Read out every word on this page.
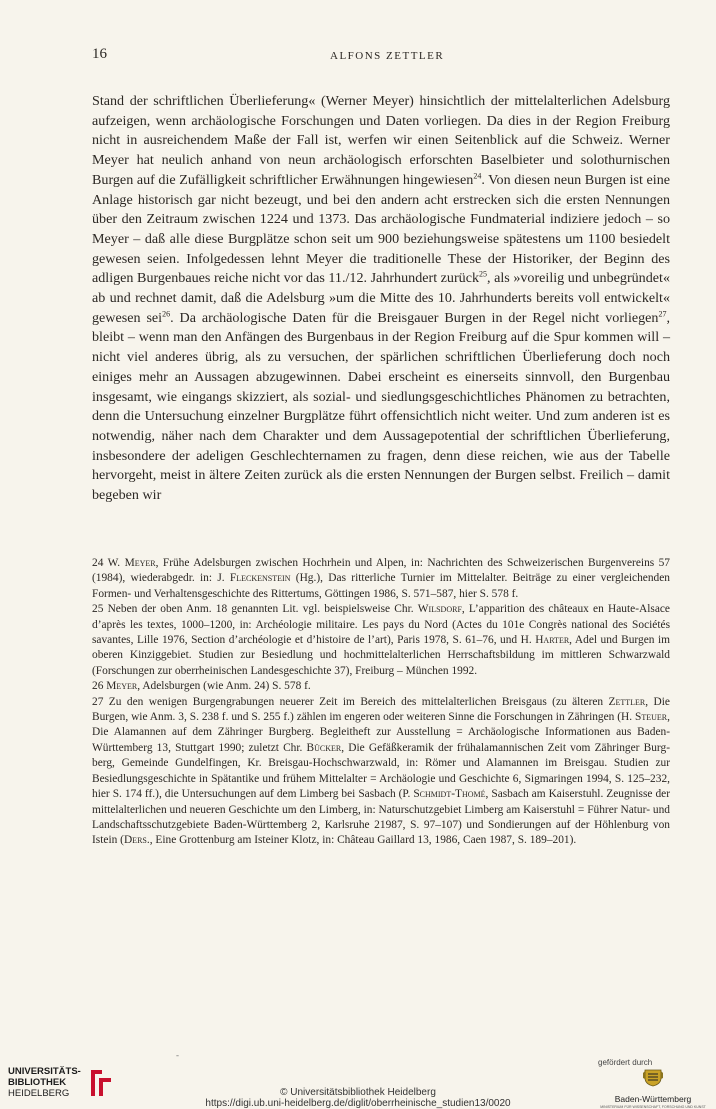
16	ALFONS ZETTLER

Stand der schriftlichen Überlieferung« (Werner Meyer) hinsichtlich der mittelalterlichen Adelsburg aufzeigen, wenn archäologische Forschungen und Daten vorliegen. Da dies in der Region Freiburg nicht in ausreichendem Maße der Fall ist, werfen wir einen Seitenblick auf die Schweiz. Werner Meyer hat neulich anhand von neun archäologisch erforschten Baselbieter und solothurnischen Burgen auf die Zufälligkeit schriftlicher Erwähnungen hingewiesen$^{24}$. Von diesen neun Burgen ist eine Anlage historisch gar nicht bezeugt, und bei den andern acht erstrecken sich die ersten Nennungen über den Zeitraum zwischen 1224 und 1373. Das archäologische Fundmaterial indiziere jedoch – so Meyer – daß alle diese Burgplätze schon seit um 900 beziehungsweise spätestens um 1100 besiedelt gewesen seien. Infolgedessen lehnt Meyer die traditionelle These der Historiker, der Beginn des adligen Burgenbaues reiche nicht vor das 11./12. Jahrhundert zurück$^{25}$, als »voreilig und unbegründet« ab und rechnet damit, daß die Adelsburg »um die Mitte des 10. Jahrhunderts bereits voll entwickelt« gewesen sei$^{26}$. Da archäologische Daten für die Breisgauer Burgen in der Regel nicht vorliegen$^{27}$, bleibt – wenn man den Anfängen des Burgenbaus in der Region Freiburg auf die Spur kommen will – nicht viel anderes übrig, als zu versuchen, der spärlichen schriftlichen Überlieferung doch noch einiges mehr an Aussagen abzugewinnen. Dabei erscheint es einerseits sinnvoll, den Burgenbau insgesamt, wie eingangs skizziert, als sozial- und siedlungsgeschichtliches Phänomen zu betrachten, denn die Untersuchung einzelner Burgplätze führt offensichtlich nicht weiter. Und zum anderen ist es notwendig, näher nach dem Charakter und dem Aussagepotential der schriftlichen Überlieferung, insbesondere der adeligen Geschlechternamen zu fragen, denn diese reichen, wie aus der Tabelle hervorgeht, meist in ältere Zeiten zurück als die ersten Nennungen der Burgen selbst. Freilich – damit begeben wir

24 W. Meyer, Frühe Adelsburgen zwischen Hochrhein und Alpen, in: Nachrichten des Schweizerischen Burgenvereins 57 (1984), wiederabgedr. in: J. Fleckenstein (Hg.), Das ritterliche Turnier im Mittelalter. Beiträge zu einer vergleichenden Formen- und Verhaltensgeschichte des Rittertums, Göttingen 1986, S. 571–587, hier S. 578 f.

25 Neben der oben Anm. 18 genannten Lit. vgl. beispielsweise Chr. Wilsdorf, L’apparition des châteaux en Haute-Alsace d’après les textes, 1000–1200, in: Archéologie militaire. Les pays du Nord (Actes du 101e Congrès national des Sociétés savantes, Lille 1976, Section d’archéologie et d’histoire de l’art), Paris 1978, S. 61–76, und H. Harter, Adel und Burgen im oberen Kinziggebiet. Studien zur Besiedlung und hochmittelalterlichen Herrschaftsbildung im mittleren Schwarzwald (Forschungen zur oberrheinischen Landesgeschichte 37), Freiburg – München 1992.

26 Meyer, Adelsburgen (wie Anm. 24) S. 578 f.

27 Zu den wenigen Burgengrabungen neuerer Zeit im Bereich des mittelalterlichen Breisgaus (zu älteren Zettler, Die Burgen, wie Anm. 3, S. 238 f. und S. 255 f.) zählen im engeren oder weiteren Sinne die Forschungen in Zähringen (H. Steuer, Die Alamannen auf dem Zähringer Burgberg. Begleitheft zur Ausstellung = Archäologische Informationen aus Baden-Württemberg 13, Stuttgart 1990; zuletzt Chr. Bücker, Die Gefäßkeramik der frühalamannischen Zeit vom Zähringer Burgberg, Gemeinde Gundelfingen, Kr. Breisgau-Hochschwarzwald, in: Römer und Alamannen im Breisgau. Studien zur Besiedlungsgeschichte in Spätantike und frühem Mittelalter = Archäologie und Geschichte 6, Sigmaringen 1994, S. 125–232, hier S. 174 ff.), die Untersuchungen auf dem Limberg bei Sasbach (P. Schmidt-Thomé, Sasbach am Kaiserstuhl. Zeugnisse der mittelalterlichen und neueren Geschichte um den Limberg, in: Naturschutzgebiet Limberg am Kaiserstuhl = Führer Natur- und Landschaftsschutzgebiete Baden-Württemberg 2, Karlsruhe 21987, S. 97–107) und Sondierungen auf der Höhlenburg von Istein (Ders., Eine Grottenburg am Isteiner Klotz, in: Château Gaillard 13, 1986, Caen 1987, S. 189–201).

-
UNIVERSITÄTS-
BIBLIOTHEK
HEIDELBERG
gefördert durch
Baden-Württemberg
MINISTERIUM FÜR WISSENSCHAFT, FORSCHUNG UND KUNST
© Universitätsbibliothek Heidelberg
https://digi.ub.uni-heidelberg.de/diglit/oberrheinische_studien13/0020
